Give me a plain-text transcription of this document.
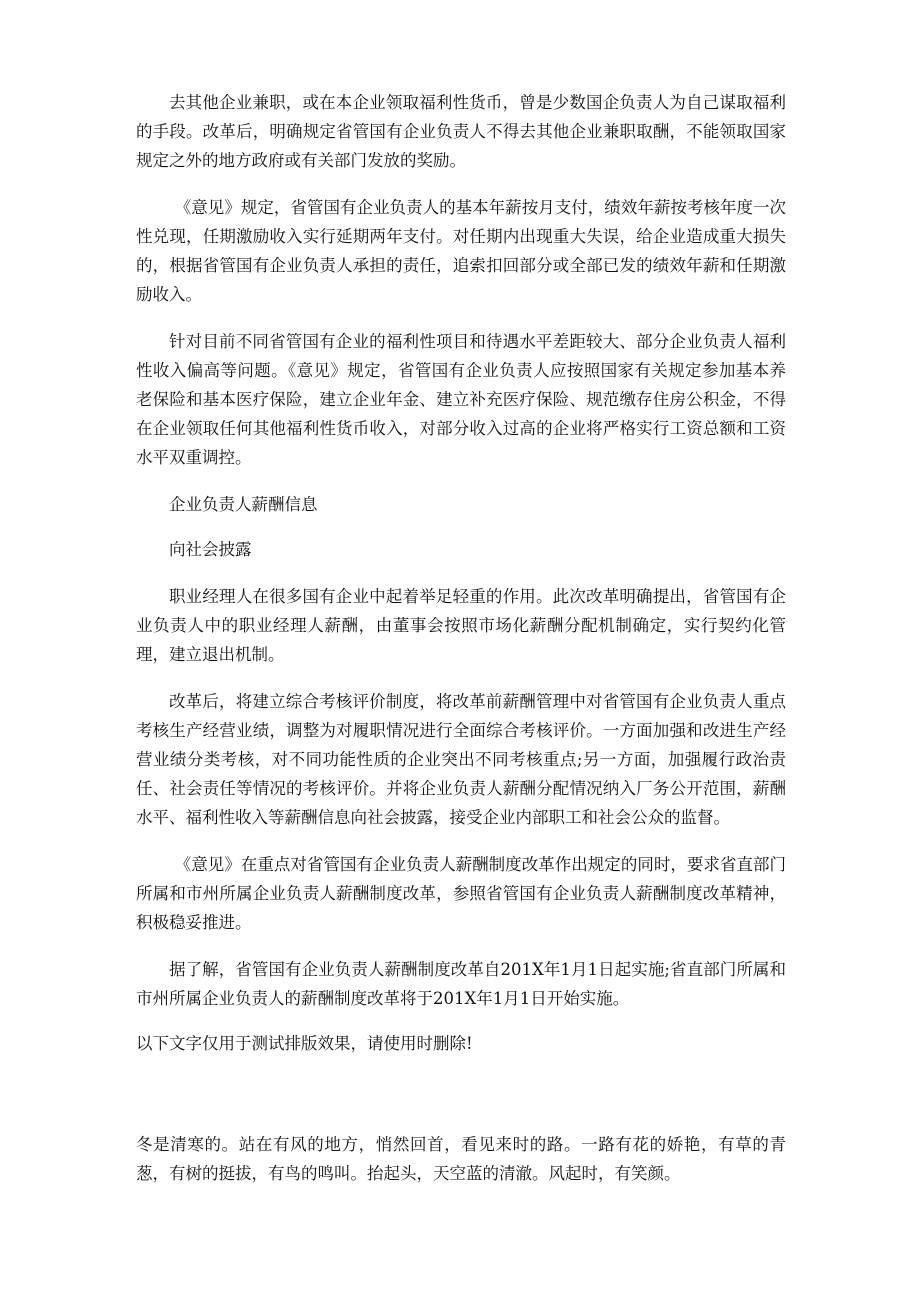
去其他企业兼职，或在本企业领取福利性货币，曾是少数国企负责人为自己谋取福利的手段。改革后，明确规定省管国有企业负责人不得去其他企业兼职取酬，不能领取国家规定之外的地方政府或有关部门发放的奖励。

《意见》规定，省管国有企业负责人的基本年薪按月支付，绩效年薪按考核年度一次性兑现，任期激励收入实行延期两年支付。对任期内出现重大失误，给企业造成重大损失的，根据省管国有企业负责人承担的责任，追索扣回部分或全部已发的绩效年薪和任期激励收入。

针对目前不同省管国有企业的福利性项目和待遇水平差距较大、部分企业负责人福利性收入偏高等问题。《意见》规定，省管国有企业负责人应按照国家有关规定参加基本养老保险和基本医疗保险，建立企业年金、建立补充医疗保险、规范缴存住房公积金，不得在企业领取任何其他福利性货币收入，对部分收入过高的企业将严格实行工资总额和工资水平双重调控。

企业负责人薪酬信息

向社会披露

职业经理人在很多国有企业中起着举足轻重的作用。此次改革明确提出，省管国有企业负责人中的职业经理人薪酬，由董事会按照市场化薪酬分配机制确定，实行契约化管理，建立退出机制。

改革后，将建立综合考核评价制度，将改革前薪酬管理中对省管国有企业负责人重点考核生产经营业绩，调整为对履职情况进行全面综合考核评价。一方面加强和改进生产经营业绩分类考核，对不同功能性质的企业突出不同考核重点;另一方面，加强履行政治责任、社会责任等情况的考核评价。并将企业负责人薪酬分配情况纳入厂务公开范围，薪酬水平、福利性收入等薪酬信息向社会披露，接受企业内部职工和社会公众的监督。

《意见》在重点对省管国有企业负责人薪酬制度改革作出规定的同时，要求省直部门所属和市州所属企业负责人薪酬制度改革，参照省管国有企业负责人薪酬制度改革精神，积极稳妥推进。

据了解，省管国有企业负责人薪酬制度改革自201X年1月1日起实施;省直部门所属和市州所属企业负责人的薪酬制度改革将于201X年1月1日开始实施。

以下文字仅用于测试排版效果，请使用时删除!

冬是清寒的。站在有风的地方，悄然回首，看见来时的路。一路有花的娇艳，有草的青葱，有树的挺拔，有鸟的鸣叫。抬起头，天空蓝的清澈。风起时，有笑颜。
